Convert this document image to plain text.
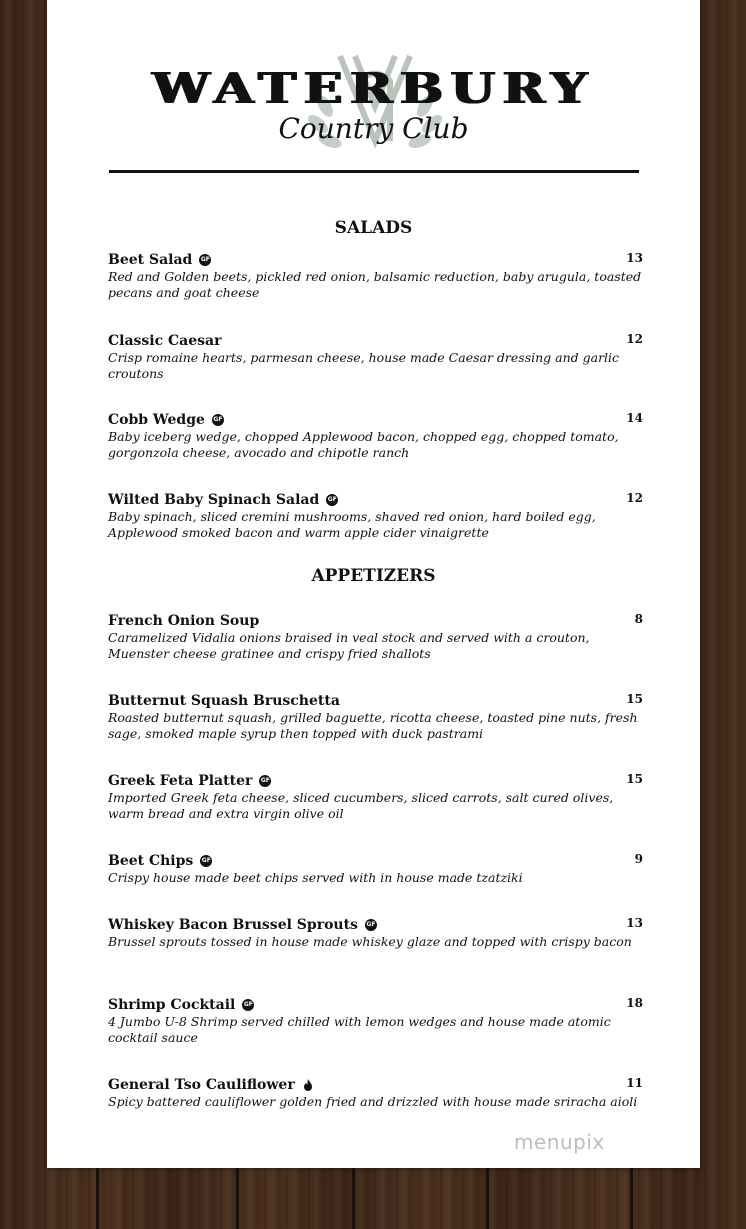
WATERBURY
Country Club
SALADS
Beet Salad GF	13
Red and Golden beets, pickled red onion, balsamic reduction, baby arugula, toasted pecans and goat cheese
Classic Caesar	12
Crisp romaine hearts, parmesan cheese, house made Caesar dressing and garlic croutons
Cobb Wedge GF	14
Baby iceberg wedge, chopped Applewood bacon, chopped egg, chopped tomato, gorgonzola cheese, avocado and chipotle ranch
Wilted Baby Spinach Salad GF	12
Baby spinach, sliced cremini mushrooms, shaved red onion, hard boiled egg, Applewood smoked bacon and warm apple cider vinaigrette
APPETIZERS
French Onion Soup	8
Caramelized Vidalia onions braised in veal stock and served with a crouton, Muenster cheese gratinee and crispy fried shallots
Butternut Squash Bruschetta	15
Roasted butternut squash, grilled baguette, ricotta cheese, toasted pine nuts, fresh sage, smoked maple syrup then topped with duck pastrami
Greek Feta Platter GF	15
Imported Greek feta cheese, sliced cucumbers, sliced carrots, salt cured olives, warm bread and extra virgin olive oil
Beet Chips GF	9
Crispy house made beet chips served with in house made tzatziki
Whiskey Bacon Brussel Sprouts GF	13
Brussel sprouts tossed in house made whiskey glaze and topped with crispy bacon
Shrimp Cocktail GF	18
4 Jumbo U-8 Shrimp served chilled with lemon wedges and house made atomic cocktail sauce
General Tso Cauliflower	11
Spicy battered cauliflower golden fried and drizzled with house made sriracha aioli
menupix
